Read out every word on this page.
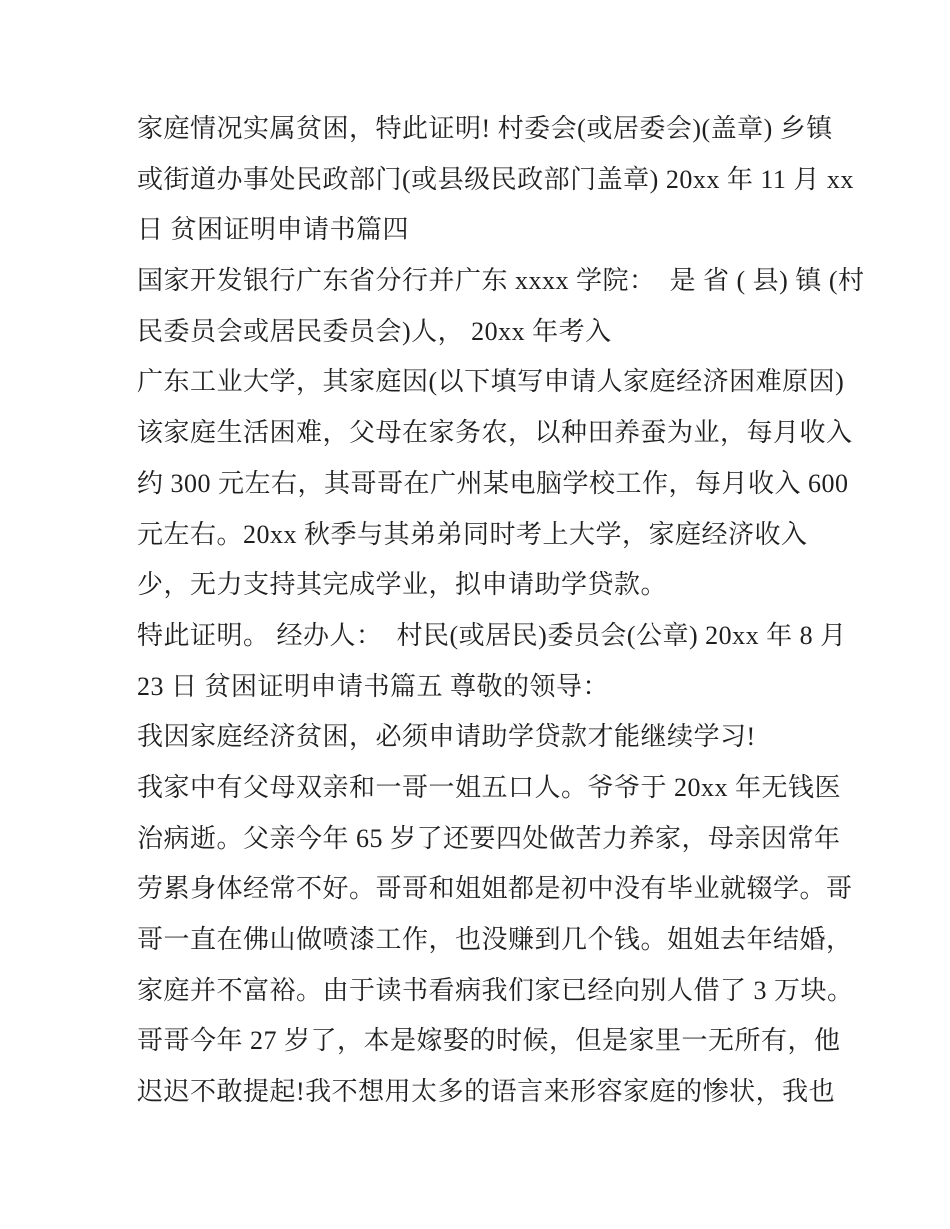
家庭情况实属贫困，特此证明! 村委会(或居委会)(盖章) 乡镇
或街道办事处民政部门(或县级民政部门盖章) 20xx 年 11 月 xx
日 贫困证明申请书篇四
国家开发银行广东省分行并广东 xxxx 学院：  是 省 ( 县) 镇 (村
民委员会或居民委员会)人， 20xx 年考入
广东工业大学，其家庭因(以下填写申请人家庭经济困难原因)
该家庭生活困难，父母在家务农，以种田养蚕为业，每月收入
约 300 元左右，其哥哥在广州某电脑学校工作，每月收入 600
元左右。20xx 秋季与其弟弟同时考上大学，家庭经济收入
少，无力支持其完成学业，拟申请助学贷款。
特此证明。 经办人：  村民(或居民)委员会(公章) 20xx 年 8 月
23 日 贫困证明申请书篇五 尊敬的领导：
我因家庭经济贫困，必须申请助学贷款才能继续学习!
我家中有父母双亲和一哥一姐五口人。爷爷于 20xx 年无钱医
治病逝。父亲今年 65 岁了还要四处做苦力养家，母亲因常年
劳累身体经常不好。哥哥和姐姐都是初中没有毕业就辍学。哥
哥一直在佛山做喷漆工作，也没赚到几个钱。姐姐去年结婚，
家庭并不富裕。由于读书看病我们家已经向别人借了 3 万块。
哥哥今年 27 岁了，本是嫁娶的时候，但是家里一无所有，他
迟迟不敢提起!我不想用太多的语言来形容家庭的惨状，我也
